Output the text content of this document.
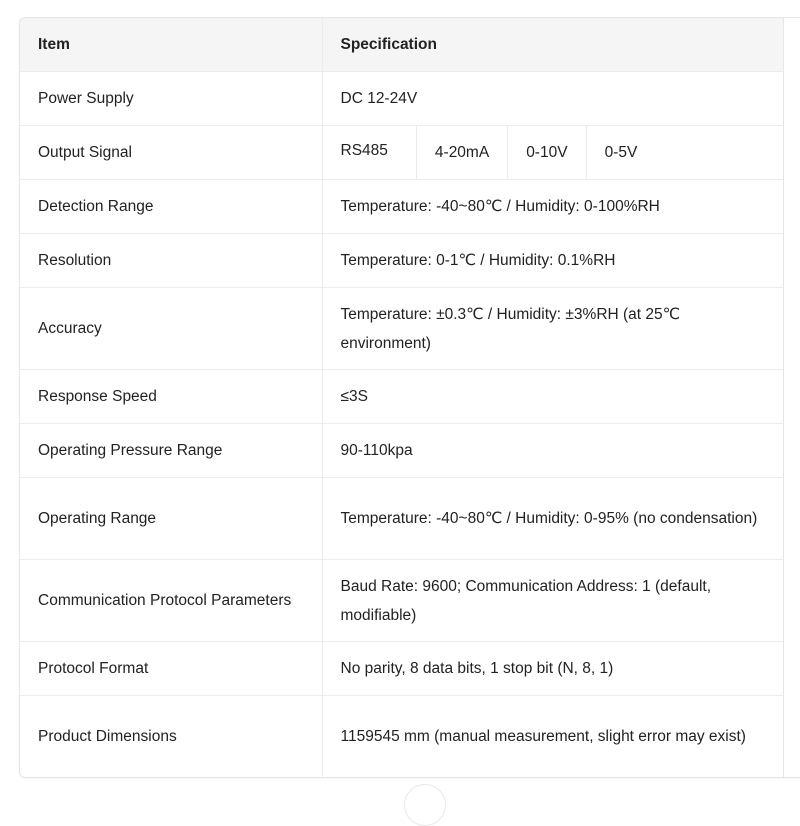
Item	Specification
Power Supply	DC 12-24V
Output Signal	RS485 4-20mA 0-10V 0-5V

Detection Range	Temperature: -40~80℃ / Humidity: 0-100%RH
Resolution	Temperature: 0-1℃ / Humidity: 0.1%RH
Accuracy	Temperature: ±0.3℃ / Humidity: ±3%RH (at 25℃ environment)
Response Speed	≤3S
Operating Pressure Range	90-110kpa
Operating Range	Temperature: -40~80℃ / Humidity: 0-95% (no condensation)
Communication Protocol Parameters	Baud Rate: 9600; Communication Address: 1 (default, modifiable)
Protocol Format	No parity, 8 data bits, 1 stop bit (N, 8, 1)
Product Dimensions	1159545 mm (manual measurement, slight error may exist)
